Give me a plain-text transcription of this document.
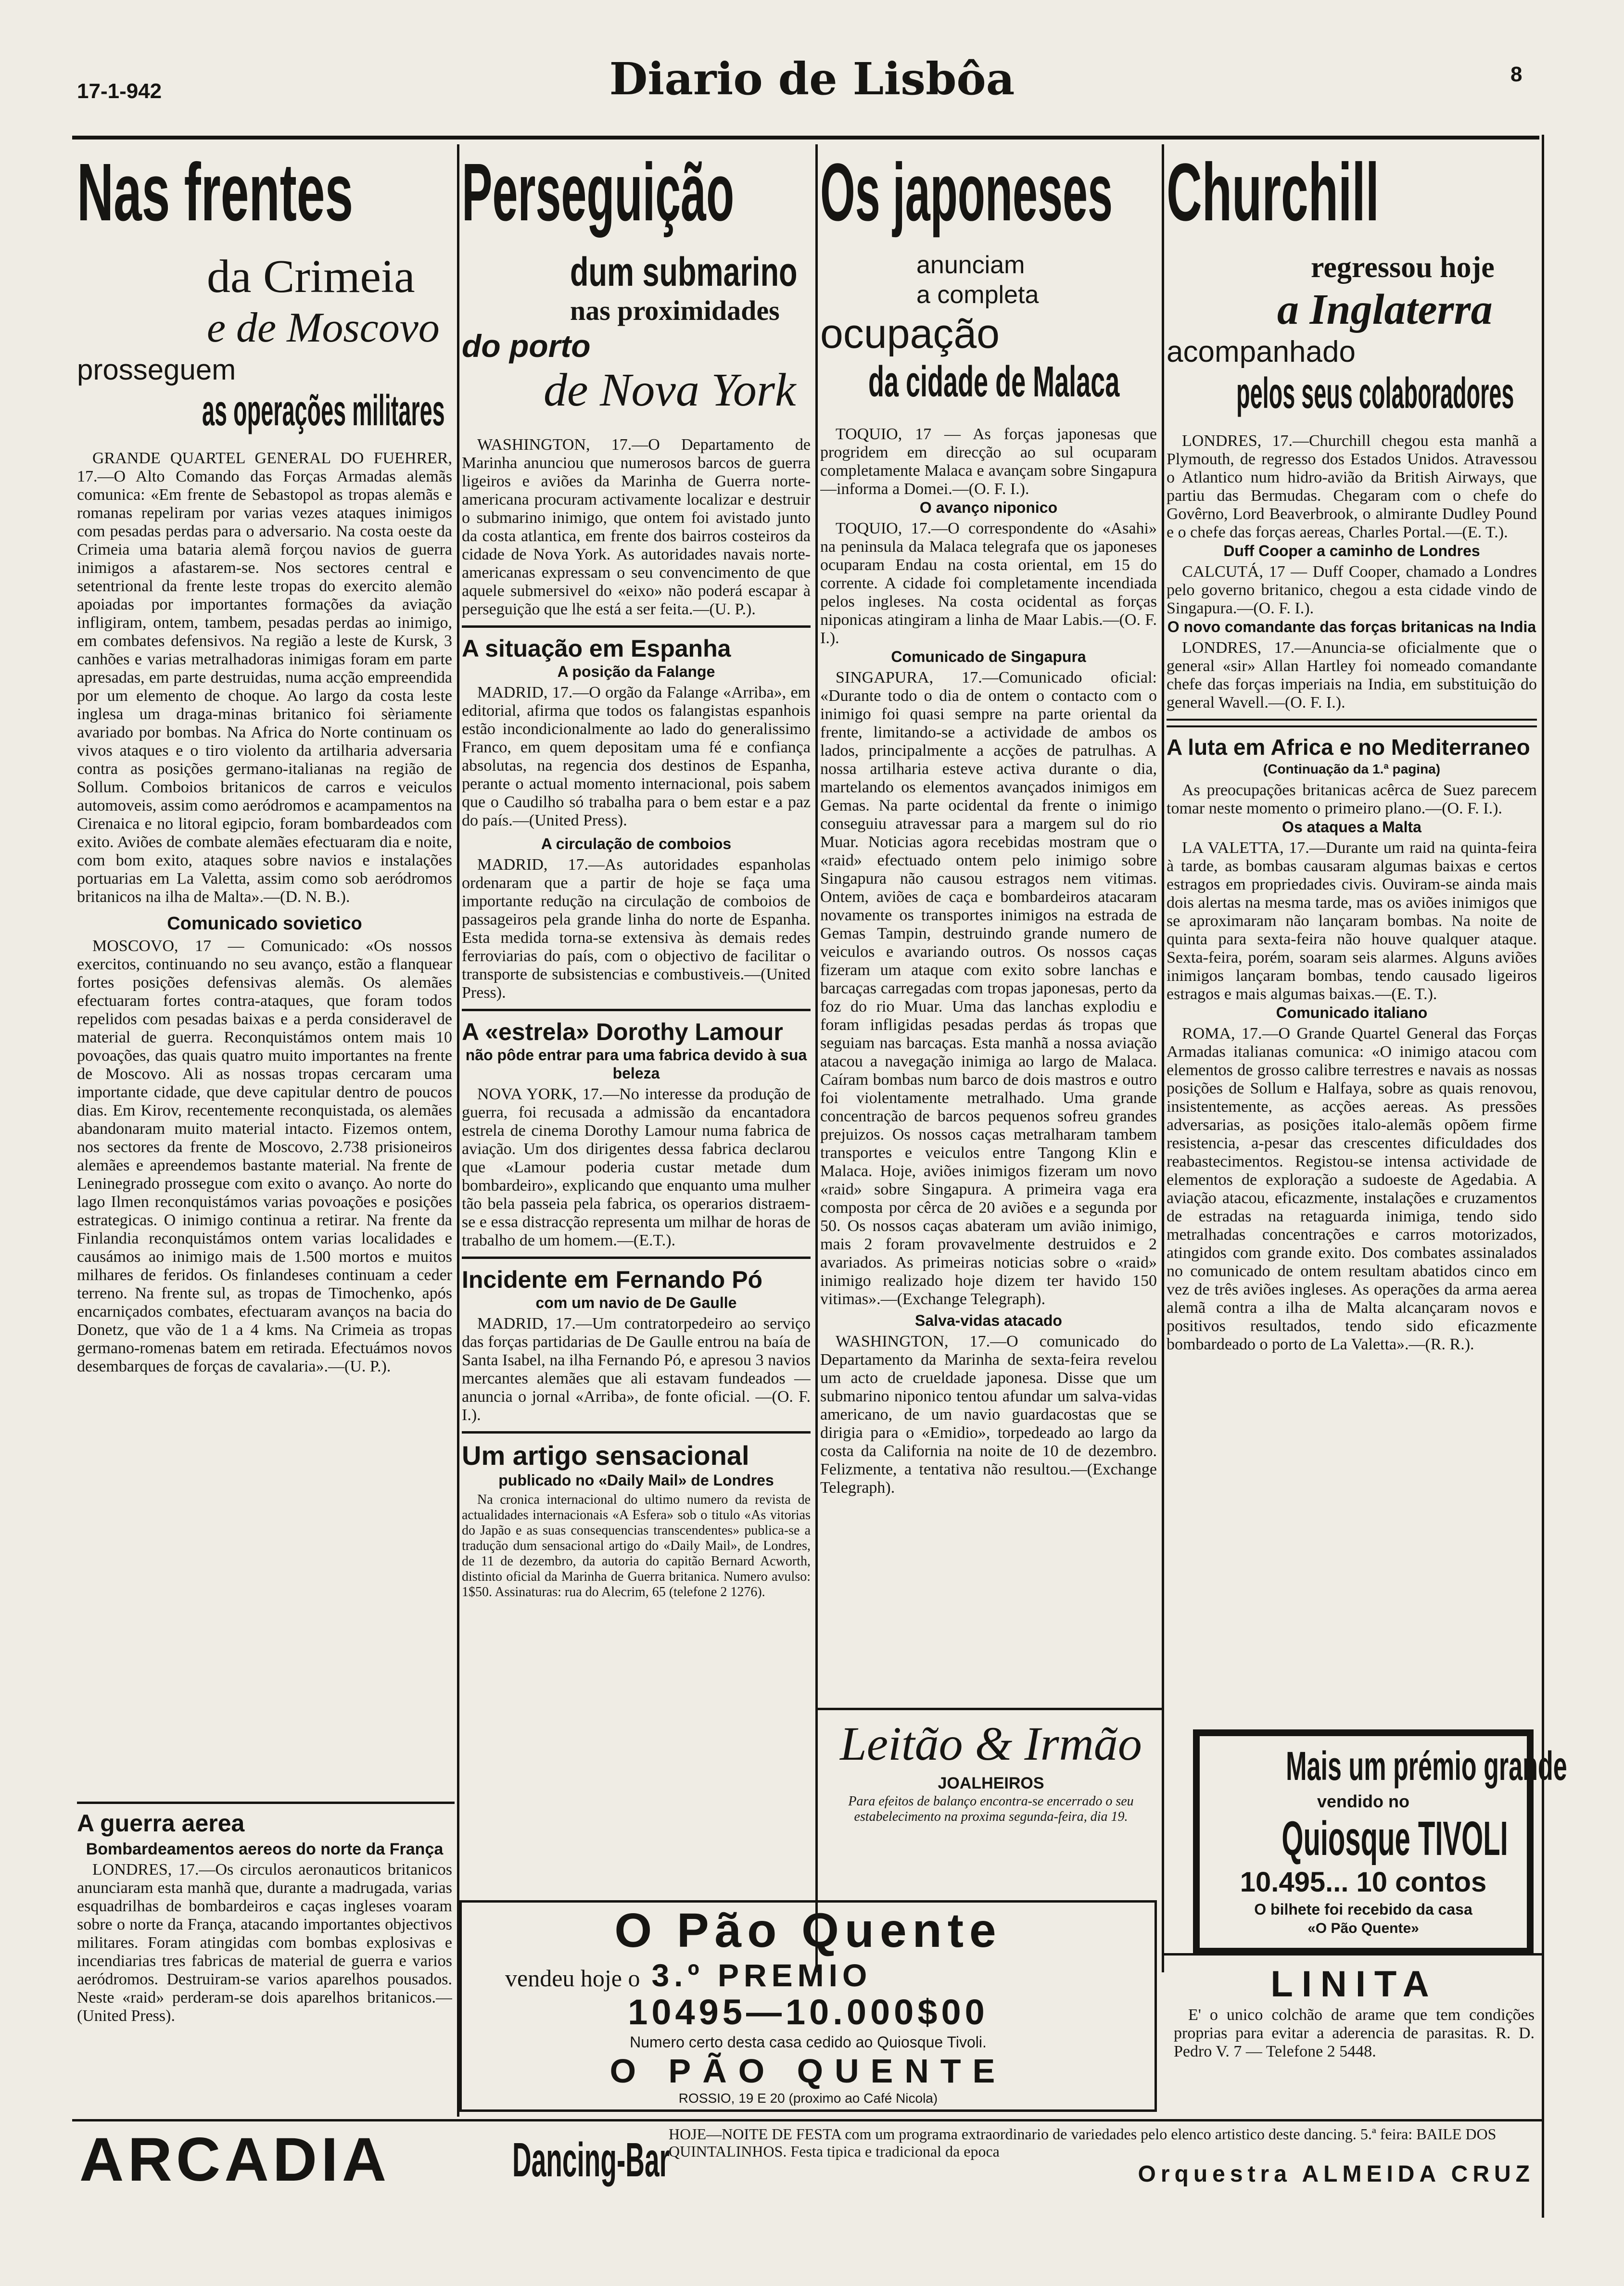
17-1-942	Diario de Lisbôa	8
Nas frentes
da Crimeia
e de Moscovo
prosseguem
as operações militares

GRANDE QUARTEL GENERAL DO FUEHRER, 17.—O Alto Comando das Forças Armadas alemãs comunica: «Em frente de Sebastopol as tropas alemãs e romanas repeliram por varias vezes ataques inimigos com pesadas perdas para o adversario. Na costa oeste da Crimeia uma bataria alemã forçou navios de guerra inimigos a afastarem-se. Nos sectores central e setentrional da frente leste tropas do exercito alemão apoiadas por importantes formações da aviação infligiram, ontem, tambem, pesadas perdas ao inimigo, em combates defensivos. Na região a leste de Kursk, 3 canhões e varias metralhadoras inimigas foram em parte apresadas, em parte destruidas, numa acção empreendida por um elemento de choque. Ao largo da costa leste inglesa um draga-minas britanico foi sèriamente avariado por bombas. Na Africa do Norte continuam os vivos ataques e o tiro violento da artilharia adversaria contra as posições germano-italianas na região de Sollum. Comboios britanicos de carros e veiculos automoveis, assim como aeródromos e acampamentos na Cirenaica e no litoral egipcio, foram bombardeados com exito. Aviões de combate alemães efectuaram dia e noite, com bom exito, ataques sobre navios e instalações portuarias em La Valetta, assim como sob aeródromos britanicos na ilha de Malta».—(D. N. B.).

Comunicado sovietico

MOSCOVO, 17 — Comunicado: «Os nossos exercitos, continuando no seu avanço, estão a flanquear fortes posições defensivas alemãs. Os alemães efectuaram fortes contra-ataques, que foram todos repelidos com pesadas baixas e a perda consideravel de material de guerra. Reconquistámos ontem mais 10 povoações, das quais quatro muito importantes na frente de Moscovo. Ali as nossas tropas cercaram uma importante cidade, que deve capitular dentro de poucos dias. Em Kirov, recentemente reconquistada, os alemães abandonaram muito material intacto. Fizemos ontem, nos sectores da frente de Moscovo, 2.738 prisioneiros alemães e apreendemos bastante material. Na frente de Leninegrado prossegue com exito o avanço. Ao norte do lago Ilmen reconquistámos varias povoações e posições estrategicas. O inimigo continua a retirar. Na frente da Finlandia reconquistámos ontem varias localidades e causámos ao inimigo mais de 1.500 mortos e muitos milhares de feridos. Os finlandeses continuam a ceder terreno. Na frente sul, as tropas de Timochenko, após encarniçados combates, efectuaram avanços na bacia do Donetz, que vão de 1 a 4 kms. Na Crimeia as tropas germano-romenas batem em retirada. Efectuámos novos desembarques de forças de cavalaria».—(U. P.).

A guerra aerea
Bombardeamentos aereos do norte da França

LONDRES, 17.—Os circulos aeronauticos britanicos anunciaram esta manhã que, durante a madrugada, varias esquadrilhas de bombardeiros e caças ingleses voaram sobre o norte da França, atacando importantes objectivos militares. Foram atingidas com bombas explosivas e incendiarias tres fabricas de material de guerra e varios aeródromos. Destruiram-se varios aparelhos pousados. Neste «raid» perderam-se dois aparelhos britanicos.—(United Press).

Perseguição
dum submarino
nas proximidades
do porto
de Nova York

WASHINGTON, 17.—O Departamento de Marinha anunciou que numerosos barcos de guerra ligeiros e aviões da Marinha de Guerra norte-americana procuram activamente localizar e destruir o submarino inimigo, que ontem foi avistado junto da costa atlantica, em frente dos bairros costeiros da cidade de Nova York. As autoridades navais norte-americanas expressam o seu convencimento de que aquele submersivel do «eixo» não poderá escapar à perseguição que lhe está a ser feita.—(U. P.).

A situação em Espanha
A posição da Falange

MADRID, 17.—O orgão da Falange «Arriba», em editorial, afirma que todos os falangistas espanhois estão incondicionalmente ao lado do generalissimo Franco, em quem depositam uma fé e confiança absolutas, na regencia dos destinos de Espanha, perante o actual momento internacional, pois sabem que o Caudilho só trabalha para o bem estar e a paz do país.—(United Press).

A circulação de comboios

MADRID, 17.—As autoridades espanholas ordenaram que a partir de hoje se faça uma importante redução na circulação de comboios de passageiros pela grande linha do norte de Espanha. Esta medida torna-se extensiva às demais redes ferroviarias do país, com o objectivo de facilitar o transporte de subsistencias e combustiveis.—(United Press).

A «estrela» Dorothy Lamour
não pôde entrar para uma fabrica devido à sua beleza

NOVA YORK, 17.—No interesse da produção de guerra, foi recusada a admissão da encantadora estrela de cinema Dorothy Lamour numa fabrica de aviação. Um dos dirigentes dessa fabrica declarou que «Lamour poderia custar metade dum bombardeiro», explicando que enquanto uma mulher tão bela passeia pela fabrica, os operarios distraem-se e essa distracção representa um milhar de horas de trabalho de um homem.—(E.T.).

Incidente em Fernando Pó
com um navio de De Gaulle

MADRID, 17.—Um contratorpedeiro ao serviço das forças partidarias de De Gaulle entrou na baía de Santa Isabel, na ilha Fernando Pó, e apresou 3 navios mercantes alemães que ali estavam fundeados — anuncia o jornal «Arriba», de fonte oficial. —(O. F. I.).

Um artigo sensacional
publicado no «Daily Mail» de Londres

Na cronica internacional do ultimo numero da revista de actualidades internacionais «A Esfera» sob o titulo «As vitorias do Japão e as suas consequencias transcendentes» publica-se a tradução dum sensacional artigo do «Daily Mail», de Londres, de 11 de dezembro, da autoria do capitão Bernard Acworth, distinto oficial da Marinha de Guerra britanica. Numero avulso: 1$50. Assinaturas: rua do Alecrim, 65 (telefone 2 1276).

Os japoneses
anunciam
a completa
ocupação
da cidade de Malaca

TOQUIO, 17 — As forças japonesas que progridem em direcção ao sul ocuparam completamente Malaca e avançam sobre Singapura—informa a Domei.—(O. F. I.).

O avanço niponico

TOQUIO, 17.—O correspondente do «Asahi» na peninsula da Malaca telegrafa que os japoneses ocuparam Endau na costa oriental, em 15 do corrente. A cidade foi completamente incendiada pelos ingleses. Na costa ocidental as forças niponicas atingiram a linha de Maar Labis.—(O. F. I.).

Comunicado de Singapura

SINGAPURA, 17.—Comunicado oficial: «Durante todo o dia de ontem o contacto com o inimigo foi quasi sempre na parte oriental da frente, limitando-se a actividade de ambos os lados, principalmente a acções de patrulhas. A nossa artilharia esteve activa durante o dia, martelando os elementos avançados inimigos em Gemas. Na parte ocidental da frente o inimigo conseguiu atravessar para a margem sul do rio Muar. Noticias agora recebidas mostram que o «raid» efectuado ontem pelo inimigo sobre Singapura não causou estragos nem vitimas. Ontem, aviões de caça e bombardeiros atacaram novamente os transportes inimigos na estrada de Gemas Tampin, destruindo grande numero de veiculos e avariando outros. Os nossos caças fizeram um ataque com exito sobre lanchas e barcaças carregadas com tropas japonesas, perto da foz do rio Muar. Uma das lanchas explodiu e foram infligidas pesadas perdas ás tropas que seguiam nas barcaças. Esta manhã a nossa aviação atacou a navegação inimiga ao largo de Malaca. Caíram bombas num barco de dois mastros e outro foi violentamente metralhado. Uma grande concentração de barcos pequenos sofreu grandes prejuizos. Os nossos caças metralharam tambem transportes e veiculos entre Tangong Klin e Malaca. Hoje, aviões inimigos fizeram um novo «raid» sobre Singapura. A primeira vaga era composta por cêrca de 20 aviões e a segunda por 50. Os nossos caças abateram um avião inimigo, mais 2 foram provavelmente destruidos e 2 avariados. As primeiras noticias sobre o «raid» inimigo realizado hoje dizem ter havido 150 vitimas».—(Exchange Telegraph).

Salva-vidas atacado

WASHINGTON, 17.—O comunicado do Departamento da Marinha de sexta-feira revelou um acto de crueldade japonesa. Disse que um submarino niponico tentou afundar um salva-vidas americano, de um navio guardacostas que se dirigia para o «Emidio», torpedeado ao largo da costa da California na noite de 10 de dezembro. Felizmente, a tentativa não resultou.—(Exchange Telegraph).

Leitão & Irmão
JOALHEIROS
Para efeitos de balanço encontra-se encerrado o seu estabelecimento na proxima segunda-feira, dia 19.
Churchill
regressou hoje
a Inglaterra
acompanhado
pelos seus colaboradores

LONDRES, 17.—Churchill chegou esta manhã a Plymouth, de regresso dos Estados Unidos. Atravessou o Atlantico num hidro-avião da British Airways, que partiu das Bermudas. Chegaram com o chefe do Govêrno, Lord Beaverbrook, o almirante Dudley Pound e o chefe das forças aereas, Charles Portal.—(E. T.).

Duff Cooper a caminho de Londres

CALCUTÁ, 17 — Duff Cooper, chamado a Londres pelo governo britanico, chegou a esta cidade vindo de Singapura.—(O. F. I.).

O novo comandante das forças britanicas na India

LONDRES, 17.—Anuncia-se oficialmente que o general «sir» Allan Hartley foi nomeado comandante chefe das forças imperiais na India, em substituição do general Wavell.—(O. F. I.).

A luta em Africa e no Mediterraneo
(Continuação da 1.ª pagina)

As preocupações britanicas acêrca de Suez parecem tomar neste momento o primeiro plano.—(O. F. I.).

Os ataques a Malta

LA VALETTA, 17.—Durante um raid na quinta-feira à tarde, as bombas causaram algumas baixas e certos estragos em propriedades civis. Ouviram-se ainda mais dois alertas na mesma tarde, mas os aviões inimigos que se aproximaram não lançaram bombas. Na noite de quinta para sexta-feira não houve qualquer ataque. Sexta-feira, porém, soaram seis alarmes. Alguns aviões inimigos lançaram bombas, tendo causado ligeiros estragos e mais algumas baixas.—(E. T.).

Comunicado italiano

ROMA, 17.—O Grande Quartel General das Forças Armadas italianas comunica: «O inimigo atacou com elementos de grosso calibre terrestres e navais as nossas posições de Sollum e Halfaya, sobre as quais renovou, insistentemente, as acções aereas. As pressões adversarias, as posições italo-alemãs opõem firme resistencia, a-pesar das crescentes dificuldades dos reabastecimentos. Registou-se intensa actividade de elementos de exploração a sudoeste de Agedabia. A aviação atacou, eficazmente, instalações e cruzamentos de estradas na retaguarda inimiga, tendo sido metralhadas concentrações e carros motorizados, atingidos com grande exito. Dos combates assinalados no comunicado de ontem resultam abatidos cinco em vez de três aviões ingleses. As operações da arma aerea alemã contra a ilha de Malta alcançaram novos e positivos resultados, tendo sido eficazmente bombardeado o porto de La Valetta».—(R. R.).

Mais um prémio grande
vendido no
Quiosque TIVOLI
10.495... 10 contos
O bilhete foi recebido da casa
«O Pão Quente»
LINITA

E' o unico colchão de arame que tem condições proprias para evitar a aderencia de parasitas. R. D. Pedro V. 7 — Telefone 2 5448.

O Pão Quente
vendeu hoje o 3.º PREMIO
10495—10.000$00
Numero certo desta casa cedido ao Quiosque Tivoli.
O PÃO QUENTE
ROSSIO, 19 E 20 (proximo ao Café Nicola)
ARCADIA	Dancing-Bar
HOJE—NOITE DE FESTA com um programa extraordinario de variedades pelo elenco artistico deste dancing. 5.ª feira: BAILE DOS QUINTALINHOS. Festa tipica e tradicional da epoca
Orquestra ALMEIDA CRUZ
